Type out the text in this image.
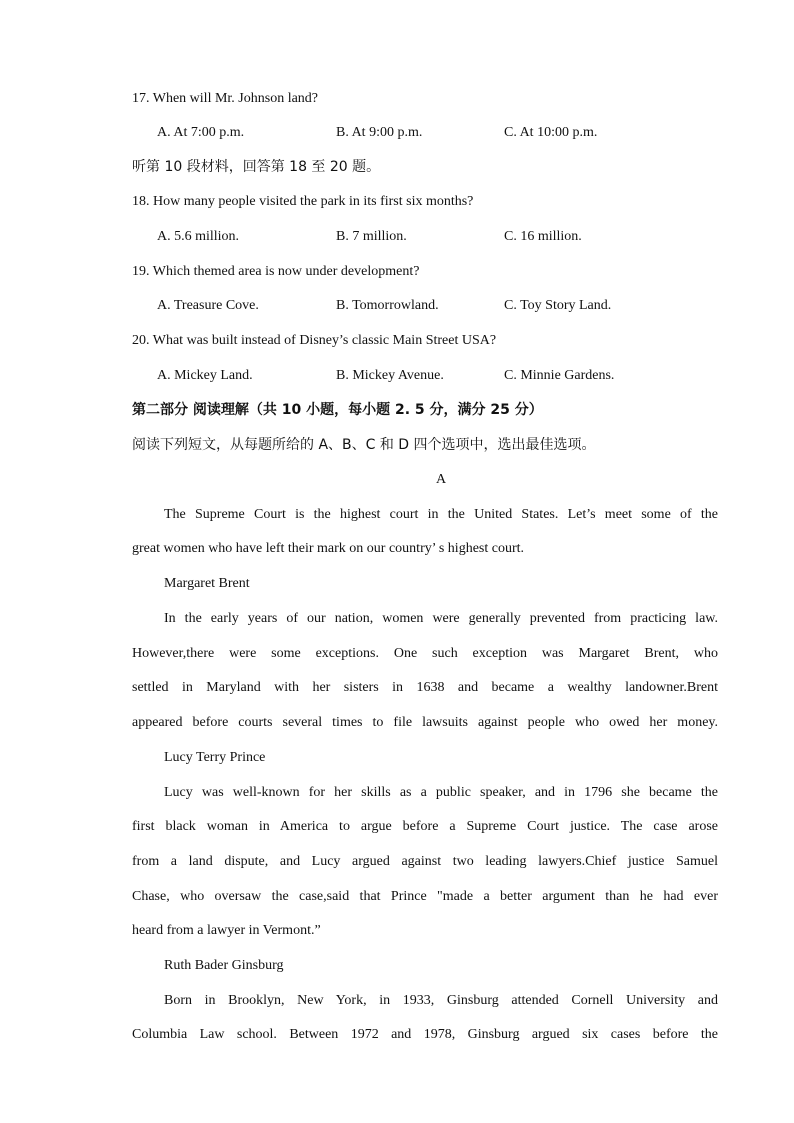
17. When will Mr. Johnson land?
A. At 7:00 p.m.	B. At 9:00 p.m.	C. At 10:00 p.m.
听第 10 段材料，回答第 18 至 20 题。
18. How many people visited the park in its first six months?
A. 5.6 million.	B. 7 million.	C. 16 million.
19. Which themed area is now under development?
A. Treasure Cove.	B. Tomorrowland.	C. Toy Story Land.
20. What was built instead of Disney’s classic Main Street USA?
A. Mickey Land.	B. Mickey Avenue.	C. Minnie Gardens.
第二部分 阅读理解（共 10 小题，每小题 2. 5 分，满分 25 分）
阅读下列短文，从每题所给的 A、B、C 和 D 四个选项中，选出最佳选项。
A
The Supreme Court is the highest court in the United States. Let’s meet some of the
great women who have left their mark on our country’ s highest court.
Margaret Brent
In the early years of our nation, women were generally prevented from practicing law.
However,there were some exceptions. One such exception was Margaret Brent, who
settled in Maryland with her sisters in 1638 and became a wealthy landowner.Brent
appeared before courts several times to file lawsuits against people who owed her money.
Lucy Terry Prince
Lucy was well-known for her skills as a public speaker, and in 1796 she became the
first black woman in America to argue before a Supreme Court justice. The case arose
from a land dispute, and Lucy argued against two leading lawyers.Chief justice Samuel
Chase, who oversaw the case,said that Prince "made a better argument than he had ever
heard from a lawyer in Vermont.”
Ruth Bader Ginsburg
Born in Brooklyn, New York, in 1933, Ginsburg attended Cornell University and
Columbia Law school. Between 1972 and 1978, Ginsburg argued six cases before the
